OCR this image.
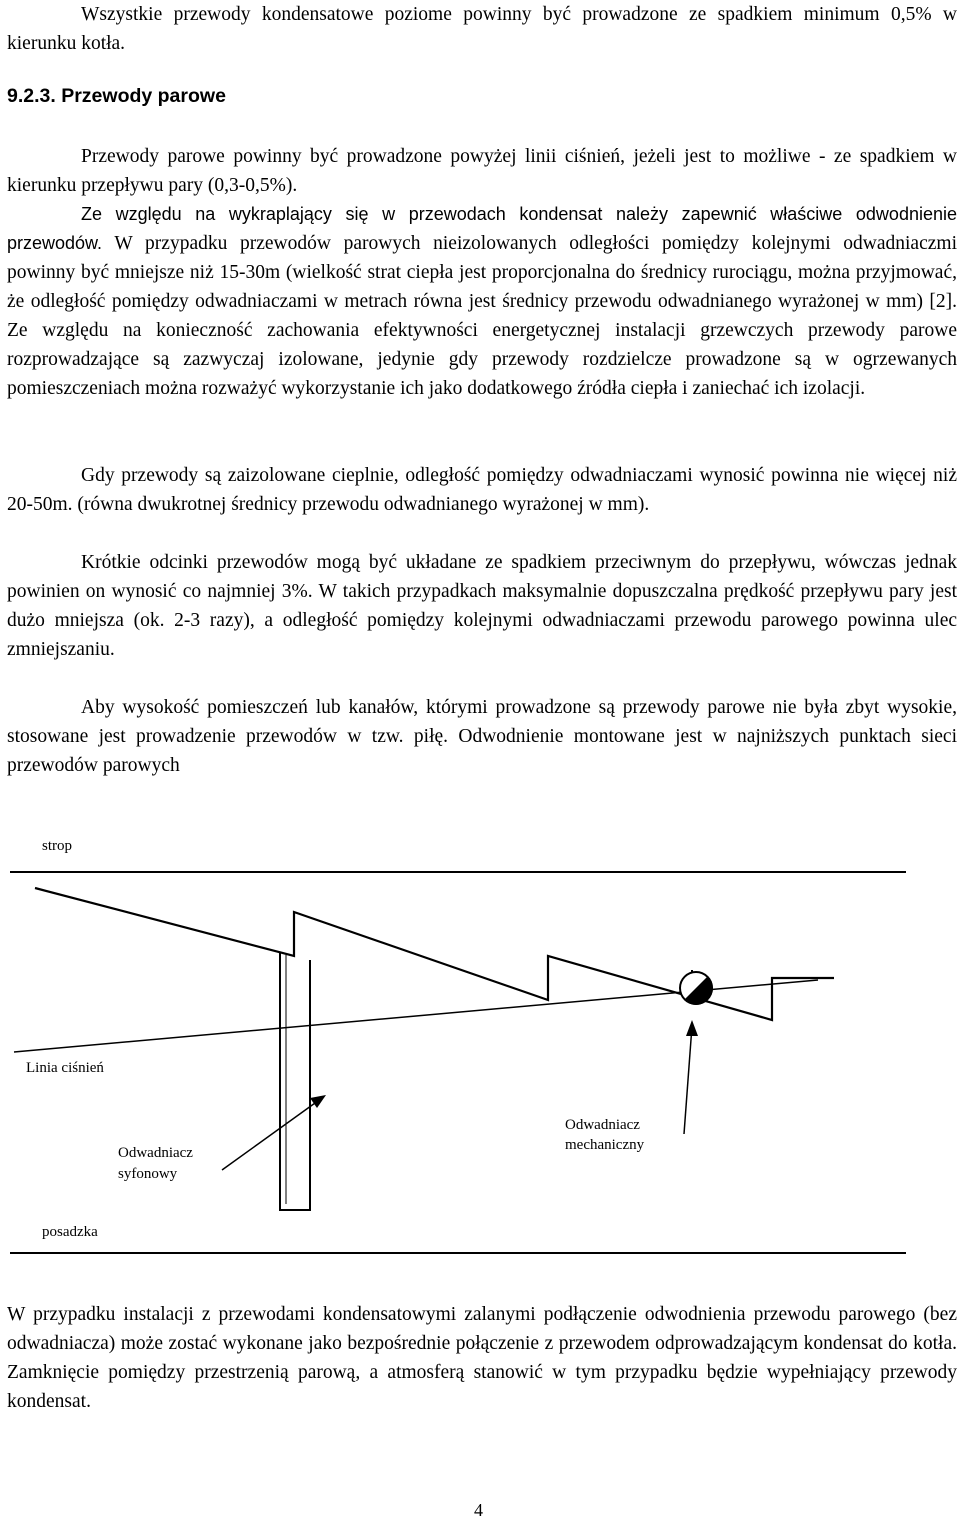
Wszystkie przewody kondensatowe poziome powinny być prowadzone ze spadkiem minimum 0,5% w kierunku kotła.

9.2.3. Przewody parowe

Przewody parowe powinny być prowadzone powyżej linii ciśnień, jeżeli jest to możliwe - ze spadkiem w kierunku przepływu pary (0,3-0,5%).

Ze względu na wykraplający się w przewodach kondensat należy zapewnić właściwe odwodnienie przewodów. W przypadku przewodów parowych nieizolowanych odległości pomiędzy kolejnymi odwadniaczmi powinny być mniejsze niż 15-30m (wielkość strat ciepła jest proporcjonalna do średnicy rurociągu, można przyjmować, że odległość pomiędzy odwadniaczami w metrach równa jest średnicy przewodu odwadnianego wyrażonej w mm) [2]. Ze względu na konieczność zachowania efektywności energetycznej instalacji grzewczych przewody parowe rozprowadzające są zazwyczaj izolowane, jedynie gdy przewody rozdzielcze prowadzone są w ogrzewanych pomieszczeniach można rozważyć wykorzystanie ich jako dodatkowego źródła ciepła i zaniechać ich izolacji.

Gdy przewody są zaizolowane cieplnie, odległość pomiędzy odwadniaczami wynosić powinna nie więcej niż 20-50m. (równa dwukrotnej średnicy przewodu odwadnianego wyrażonej w mm).

Krótkie odcinki przewodów mogą być układane ze spadkiem przeciwnym do przepływu, wówczas jednak powinien on wynosić co najmniej 3%. W takich przypadkach maksymalnie dopuszczalna prędkość przepływu pary jest dużo mniejsza (ok. 2-3 razy), a odległość pomiędzy kolejnymi odwadniaczami przewodu parowego powinna ulec zmniejszaniu.

Aby wysokość pomieszczeń lub kanałów, którymi prowadzone są przewody parowe nie była zbyt wysokie, stosowane jest prowadzenie przewodów w tzw. piłę. Odwodnienie montowane jest w najniższych punktach sieci przewodów parowych

strop
Linia ciśnień
Odwadniacz
syfonowy
Odwadniacz
mechaniczny
posadzka

W przypadku instalacji z przewodami kondensatowymi zalanymi podłączenie odwodnienia przewodu parowego (bez odwadniacza) może zostać wykonane jako bezpośrednie połączenie z przewodem odprowadzającym kondensat do kotła. Zamknięcie pomiędzy przestrzenią parową, a atmosferą stanowić w tym przypadku będzie wypełniający przewody kondensat.

4
